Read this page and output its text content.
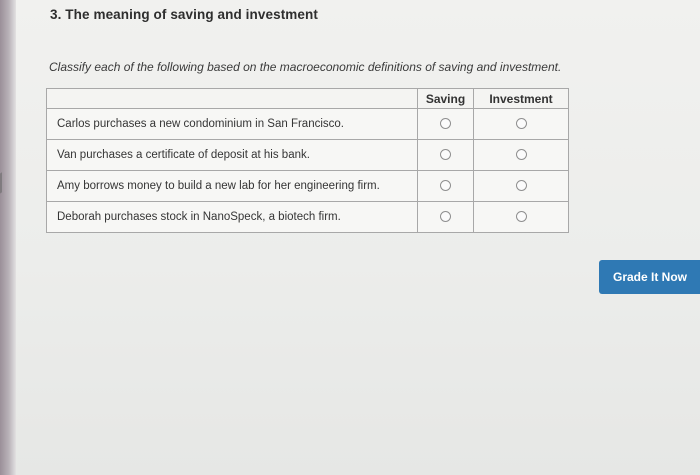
3. The meaning of saving and investment
Classify each of the following based on the macroeconomic definitions of saving and investment.
	Saving	Investment
Carlos purchases a new condominium in San Francisco.		
Van purchases a certificate of deposit at his bank.		
Amy borrows money to build a new lab for her engineering firm.		
Deborah purchases stock in NanoSpeck, a biotech firm.		
Grade It Now
